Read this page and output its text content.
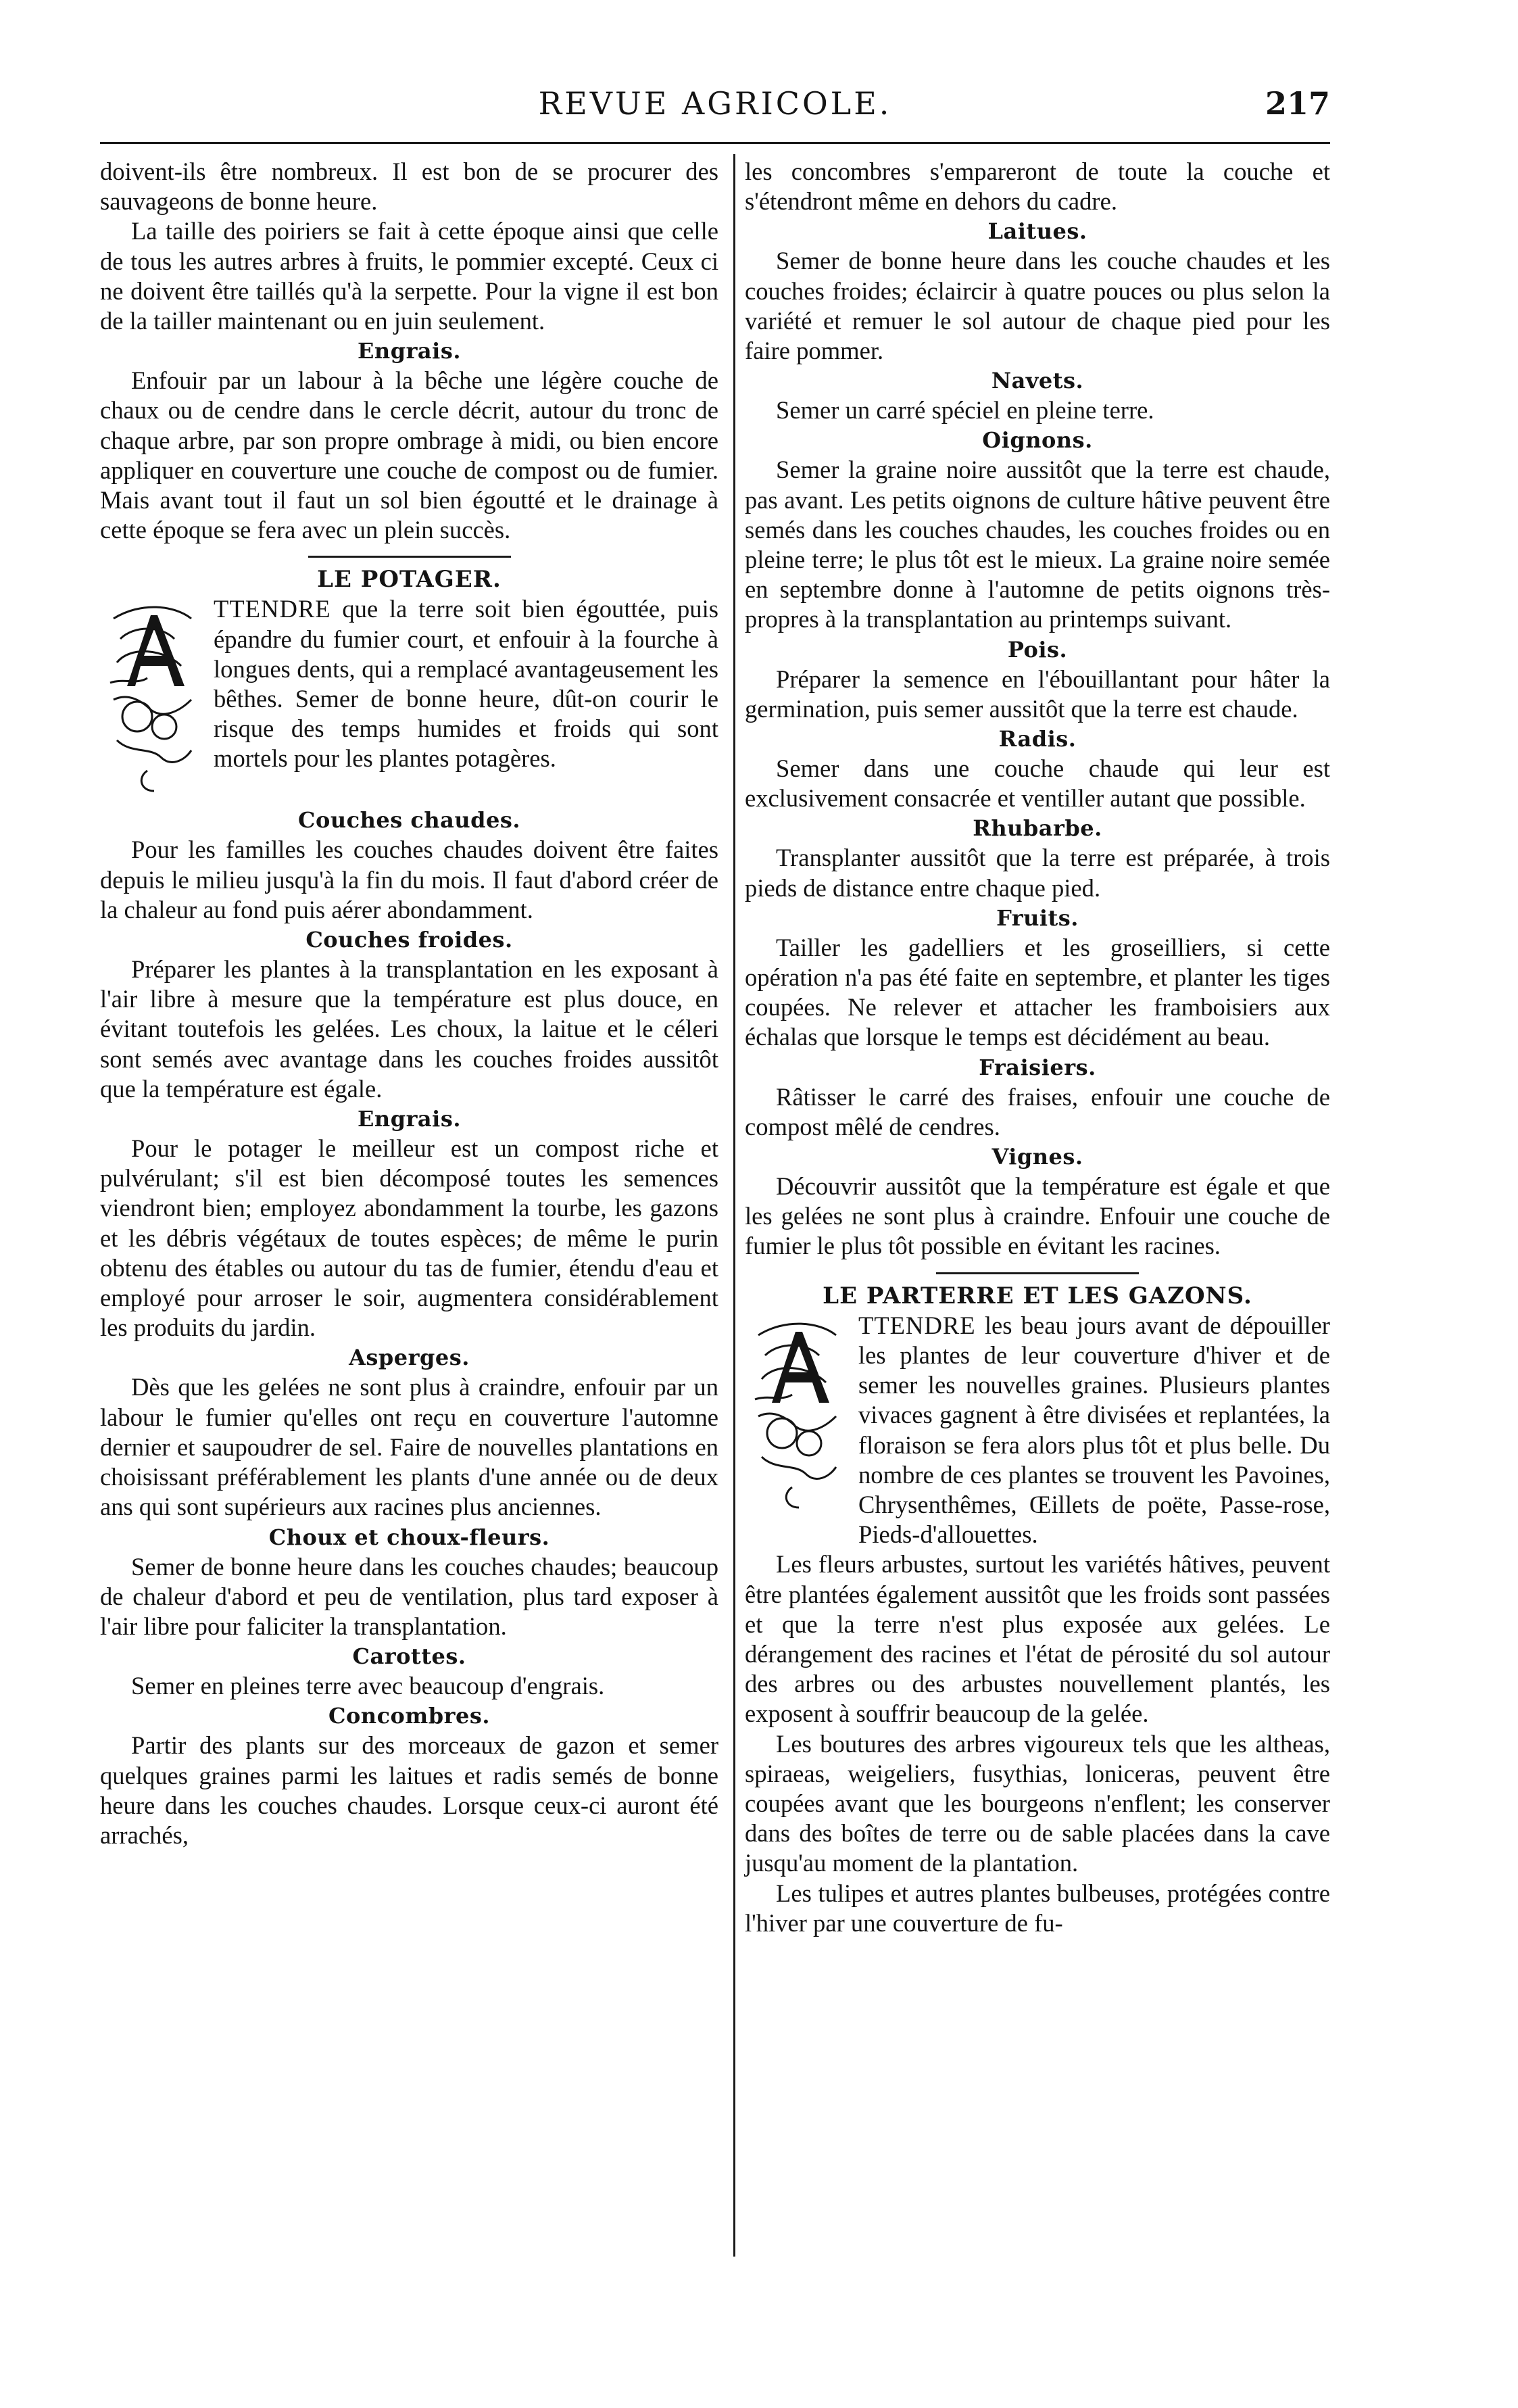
REVUE AGRICOLE.	217

doivent-ils être nombreux. Il est bon de se procurer des sauvageons de bonne heure.

La taille des poiriers se fait à cette époque ainsi que celle de tous les autres arbres à fruits, le pommier excepté. Ceux ci ne doivent être taillés qu'à la serpette. Pour la vigne il est bon de la tailler maintenant ou en juin seulement.

Engrais.

Enfouir par un labour à la bêche une légère couche de chaux ou de cendre dans le cercle décrit, autour du tronc de chaque arbre, par son propre ombrage à midi, ou bien encore appliquer en couverture une couche de compost ou de fumier. Mais avant tout il faut un sol bien égoutté et le drainage à cette époque se fera avec un plein succès.

LE POTAGER.

A
TTENDRE que la terre soit bien égouttée, puis épandre du fumier court, et enfouir à la fourche à longues dents, qui a remplacé avantageusement les bêthes. Semer de bonne heure, dût-on courir le risque des temps humides et froids qui sont mortels pour les plantes potagères.

Couches chaudes.

Pour les familles les couches chaudes doivent être faites depuis le milieu jusqu'à la fin du mois. Il faut d'abord créer de la chaleur au fond puis aérer abondamment.

Couches froides.

Préparer les plantes à la transplantation en les exposant à l'air libre à mesure que la température est plus douce, en évitant toutefois les gelées. Les choux, la laitue et le céleri sont semés avec avantage dans les couches froides aussitôt que la température est égale.

Engrais.

Pour le potager le meilleur est un compost riche et pulvérulant; s'il est bien décomposé toutes les semences viendront bien; employez abondamment la tourbe, les gazons et les débris végétaux de toutes espèces; de même le purin obtenu des étables ou autour du tas de fumier, étendu d'eau et employé pour arroser le soir, augmentera considérablement les produits du jardin.

Asperges.

Dès que les gelées ne sont plus à craindre, enfouir par un labour le fumier qu'elles ont reçu en couverture l'automne dernier et saupoudrer de sel. Faire de nouvelles plantations en choisissant préférablement les plants d'une année ou de deux ans qui sont supérieurs aux racines plus anciennes.

Choux et choux-fleurs.

Semer de bonne heure dans les couches chaudes; beaucoup de chaleur d'abord et peu de ventilation, plus tard exposer à l'air libre pour faliciter la transplantation.

Carottes.

Semer en pleines terre avec beaucoup d'engrais.

Concombres.

Partir des plants sur des morceaux de gazon et semer quelques graines parmi les laitues et radis semés de bonne heure dans les couches chaudes. Lorsque ceux-ci auront été arrachés,

les concombres s'empareront de toute la couche et s'étendront même en dehors du cadre.

Laitues.

Semer de bonne heure dans les couche chaudes et les couches froides; éclaircir à quatre pouces ou plus selon la variété et remuer le sol autour de chaque pied pour les faire pommer.

Navets.

Semer un carré spéciel en pleine terre.

Oignons.

Semer la graine noire aussitôt que la terre est chaude, pas avant. Les petits oignons de culture hâtive peuvent être semés dans les couches chaudes, les couches froides ou en pleine terre; le plus tôt est le mieux. La graine noire semée en septembre donne à l'automne de petits oignons très-propres à la transplantation au printemps suivant.

Pois.

Préparer la semence en l'ébouillantant pour hâter la germination, puis semer aussitôt que la terre est chaude.

Radis.

Semer dans une couche chaude qui leur est exclusivement consacrée et ventiller autant que possible.

Rhubarbe.

Transplanter aussitôt que la terre est préparée, à trois pieds de distance entre chaque pied.

Fruits.

Tailler les gadelliers et les groseilliers, si cette opération n'a pas été faite en septembre, et planter les tiges coupées. Ne relever et attacher les framboisiers aux échalas que lorsque le temps est décidément au beau.

Fraisiers.

Râtisser le carré des fraises, enfouir une couche de compost mêlé de cendres.

Vignes.

Découvrir aussitôt que la température est égale et que les gelées ne sont plus à craindre. Enfouir une couche de fumier le plus tôt possible en évitant les racines.

LE PARTERRE ET LES GAZONS.

A
TTENDRE les beau jours avant de dépouiller les plantes de leur couverture d'hiver et de semer les nouvelles graines. Plusieurs plantes vivaces gagnent à être divisées et replantées, la floraison se fera alors plus tôt et plus belle. Du nombre de ces plantes se trouvent les Pavoines, Chrysenthêmes, Œillets de poëte, Passe-rose, Pieds-d'allouettes.

Les fleurs arbustes, surtout les variétés hâtives, peuvent être plantées également aussitôt que les froids sont passées et que la terre n'est plus exposée aux gelées. Le dérangement des racines et l'état de pérosité du sol autour des arbres ou des arbustes nouvellement plantés, les exposent à souffrir beaucoup de la gelée.

Les boutures des arbres vigoureux tels que les altheas, spiraeas, weigeliers, fusythias, loniceras, peuvent être coupées avant que les bourgeons n'enflent; les conserver dans des boîtes de terre ou de sable placées dans la cave jusqu'au moment de la plantation.

Les tulipes et autres plantes bulbeuses, protégées contre l'hiver par une couverture de fu-
